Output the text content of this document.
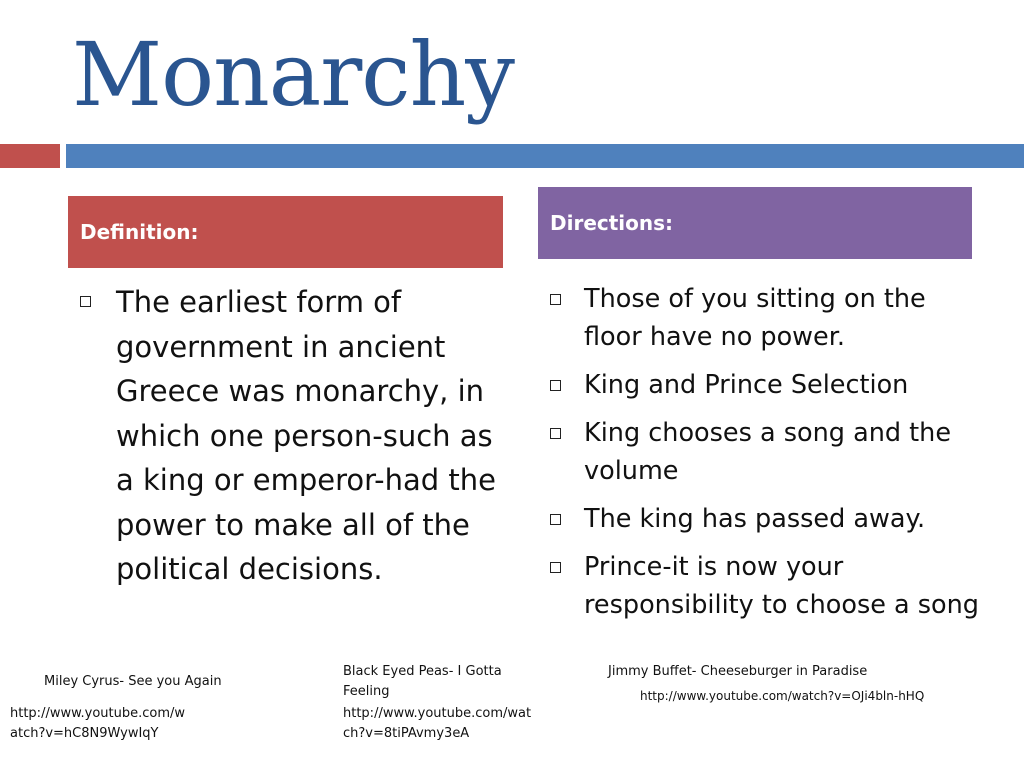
Monarchy
Definition:
The earliest form of government in ancient Greece was monarchy, in which one person-such as a king or emperor-had the power to make all of the political decisions.
Directions:
Those of you sitting on the floor have no power.
King and Prince Selection
King chooses a song and the volume
The king has passed away.
Prince-it is now your responsibility to choose a song
Miley Cyrus- See you Again
http://www.youtube.com/watch?v=hC8N9WywIqY
Black Eyed Peas- I Gotta Feeling
http://www.youtube.com/watch?v=8tiPAvmy3eA
Jimmy Buffet- Cheeseburger in Paradise
http://www.youtube.com/watch?v=OJi4bln-hHQ
